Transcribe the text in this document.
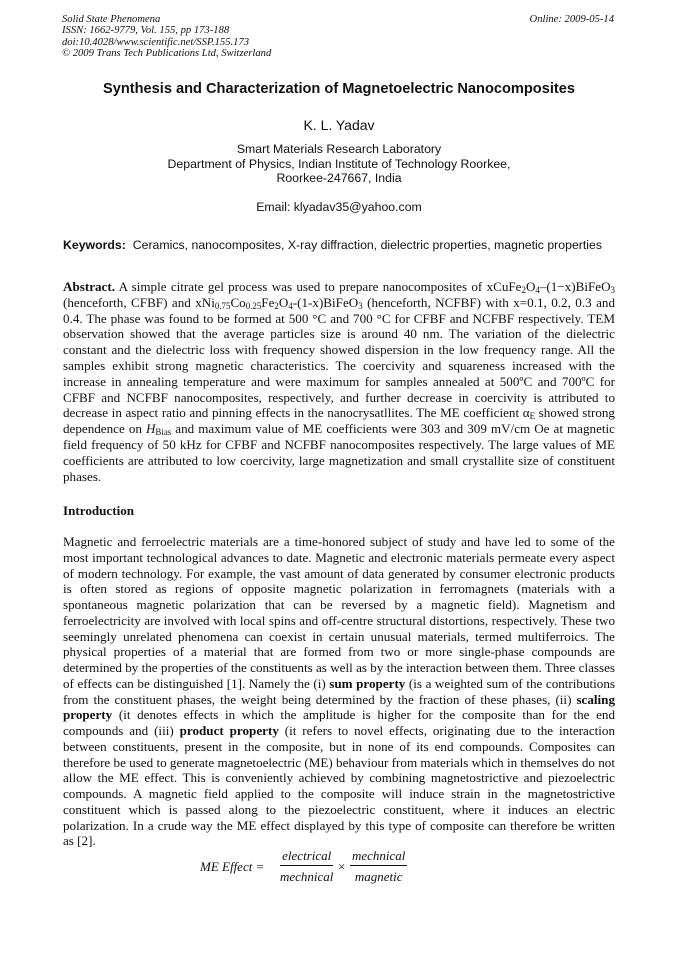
Solid State Phenomena
ISSN: 1662-9779, Vol. 155, pp 173-188
doi:10.4028/www.scientific.net/SSP.155.173
© 2009 Trans Tech Publications Ltd, Switzerland
Online: 2009-05-14
Synthesis and Characterization of Magnetoelectric Nanocomposites
K. L. Yadav
Smart Materials Research Laboratory
Department of Physics, Indian Institute of Technology Roorkee,
Roorkee-247667, India
Email: klyadav35@yahoo.com
Keywords: Ceramics, nanocomposites, X-ray diffraction, dielectric properties, magnetic properties
Abstract. A simple citrate gel process was used to prepare nanocomposites of $xCuFe_2O_4-(1-x)BiFeO_3$ (henceforth, CFBF) and $xNi_{0.75}Co_{0.25}Fe_2O_4-(1-x)BiFeO_3$ (henceforth, NCFBF) with x=0.1, 0.2, 0.3 and 0.4. The phase was found to be formed at 500 °C and 700 °C for CFBF and NCFBF respectively. TEM observation showed that the average particles size is around 40 nm. The variation of the dielectric constant and the dielectric loss with frequency showed dispersion in the low frequency range. All the samples exhibit strong magnetic characteristics. The coercivity and squareness increased with the increase in annealing temperature and were maximum for samples annealed at 500ºC and 700ºC for CFBF and NCFBF nanocomposites, respectively, and further decrease in coercivity is attributed to decrease in aspect ratio and pinning effects in the nanocrysatllites. The ME coefficient $\alpha_E$ showed strong dependence on $H_{Bias}$ and maximum value of ME coefficients were 303 and 309 mV/cm Oe at magnetic field frequency of 50 kHz for CFBF and NCFBF nanocomposites respectively. The large values of ME coefficients are attributed to low coercivity, large magnetization and small crystallite size of constituent phases.
Introduction
Magnetic and ferroelectric materials are a time-honored subject of study and have led to some of the most important technological advances to date. Magnetic and electronic materials permeate every aspect of modern technology. For example, the vast amount of data generated by consumer electronic products is often stored as regions of opposite magnetic polarization in ferromagnets (materials with a spontaneous magnetic polarization that can be reversed by a magnetic field). Magnetism and ferroelectricity are involved with local spins and off-centre structural distortions, respectively. These two seemingly unrelated phenomena can coexist in certain unusual materials, termed multiferroics. The physical properties of a material that are formed from two or more single-phase compounds are determined by the properties of the constituents as well as by the interaction between them. Three classes of effects can be distinguished [1]. Namely the (i) sum property (is a weighted sum of the contributions from the constituent phases, the weight being determined by the fraction of these phases, (ii) scaling property (it denotes effects in which the amplitude is higher for the composite than for the end compounds and (iii) product property (it refers to novel effects, originating due to the interaction between constituents, present in the composite, but in none of its end compounds. Composites can therefore be used to generate magnetoelectric (ME) behaviour from materials which in themselves do not allow the ME effect. This is conveniently achieved by combining magnetostrictive and piezoelectric compounds. A magnetic field applied to the composite will induce strain in the magnetostrictive constituent which is passed along to the piezoelectric constituent, where it induces an electric polarization. In a crude way the ME effect displayed by this type of composite can therefore be written as [2].
ME Effect =
electrical
mechnical
×
mechnical
magnetic
